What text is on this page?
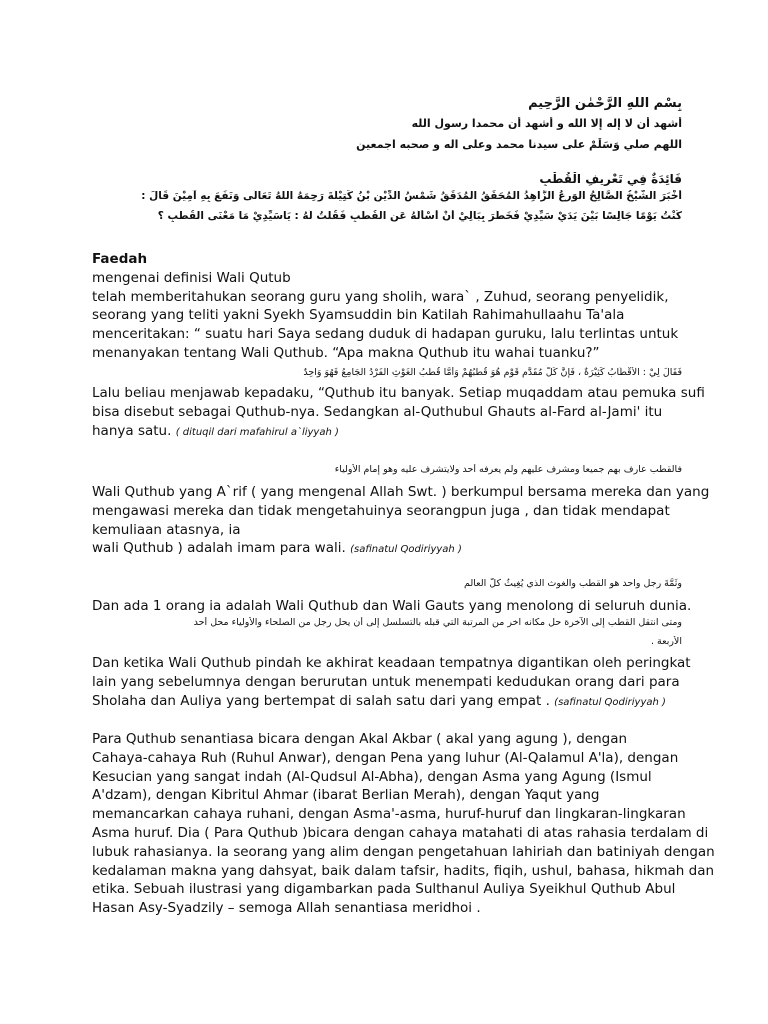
بِسْمِ اللهِ الرَّحْمٰنِ الرَّحِيمِ
أشهد أن لا إله إلا الله و أشهد أن محمدا رسول الله
اللهم صلي وَسَلِّمْ على سيدنا محمد وعلى اله و صحبه اجمعين
فَائِدَةٌ فِي تَعْرِيفِ الْقُطْبِ
أَخْبَرَ الشَّيْخُ الصَّالِحُ الْوَرِعُ الزَّاهِدُ الْمُحَقِّقُ الْمُدَقِّقُ شَمْسُ الدِّيْنِ بْنُ كَتِيْلَةَ رَحِمَهُ اللهُ تَعَالَى وَنَفَعَ بِهِ آمِيْنَ قَالَ :
كُنْتُ يَوْمًا جَالِسًا بَيْنَ يَدَيْ سَيِّدِيْ فَخَطَرَ بِبَالِيْ أَنْ أَسْأَلَهُ عَنِ الْقُطْبِ فَقُلْتُ لَهُ : يَاسَيِّدِيْ مَا مَعْنَى الْقُطْبِ ؟
Faedah
mengenai definisi Wali Qutub
telah memberitahukan seorang guru yang sholih, wara` , Zuhud, seorang penyelidik,
seorang yang teliti yakni Syekh Syamsuddin bin Katilah Rahimahullaahu Ta'ala
menceritakan: “ suatu hari Saya sedang duduk di hadapan guruku, lalu terlintas untuk
menanyakan tentang Wali Quthub. “Apa makna Quthub itu wahai tuanku?”
فَقَالَ لِيْ : الْأَقْطَابُ كَثِيْرَةٌ ، فَإِنَّ كُلَّ مُقَدَّمِ قَوْمٍ هُوَ قُطْبُهُمْ وَأَمَّا قُطْبُ الْغَوْثِ الْفَرْدُ الْجَامِعُ فَهُوَ وَاحِدٌ
Lalu beliau menjawab kepadaku, “Quthub itu banyak. Setiap muqaddam atau pemuka sufi
bisa disebut sebagai Quthub-nya. Sedangkan al-Quthubul Ghauts al-Fard al-Jami' itu
hanya satu. ( dituqil dari mafahirul a`liyyah )
فالقطب عارف بهم جميعا ومشرف عليهم ولم يعرفه أحد ولايتشرف عليه وهو إمام الأولياء
Wali Quthub yang A`rif ( yang mengenal Allah Swt. ) berkumpul bersama mereka dan yang
mengawasi mereka dan tidak mengetahuinya seorangpun juga , dan tidak mendapat
kemuliaan atasnya, ia
wali Quthub ) adalah imam para wali. (safinatul Qodiriyyah )
وثَمَّةَ رجل واحد هو القطب والغوث الذي يُغِيثُ كلَّ العالم
Dan ada 1 orang ia adalah Wali Quthub dan Wali Gauts yang menolong di seluruh dunia.
ومتى انتقل القطب إلى الآخرة حل مكانه آخر من المرتبة التي قبله بالتسلسل إلى أن يحل رجل من الصلحاء والأولياء محل أحد
الأربعة .
Dan ketika Wali Quthub pindah ke akhirat keadaan tempatnya digantikan oleh peringkat
lain yang sebelumnya dengan berurutan untuk menempati kedudukan orang dari para
Sholaha dan Auliya yang bertempat di salah satu dari yang empat . (safinatul Qodiriyyah )
Para Quthub senantiasa bicara dengan Akal Akbar ( akal yang agung ), dengan
Cahaya-cahaya Ruh (Ruhul Anwar), dengan Pena yang luhur (Al-Qalamul A'la), dengan
Kesucian yang sangat indah (Al-Qudsul Al-Abha), dengan Asma yang Agung (Ismul
A'dzam), dengan Kibritul Ahmar (ibarat Berlian Merah), dengan Yaqut yang
memancarkan cahaya ruhani, dengan Asma'-asma, huruf-huruf dan lingkaran-lingkaran
Asma huruf. Dia ( Para Quthub )bicara dengan cahaya matahati di atas rahasia terdalam di
lubuk rahasianya. Ia seorang yang alim dengan pengetahuan lahiriah dan batiniyah dengan
kedalaman makna yang dahsyat, baik dalam tafsir, hadits, fiqih, ushul, bahasa, hikmah dan
etika. Sebuah ilustrasi yang digambarkan pada Sulthanul Auliya Syeikhul Quthub Abul
Hasan Asy-Syadzily – semoga Allah senantiasa meridhoi .
